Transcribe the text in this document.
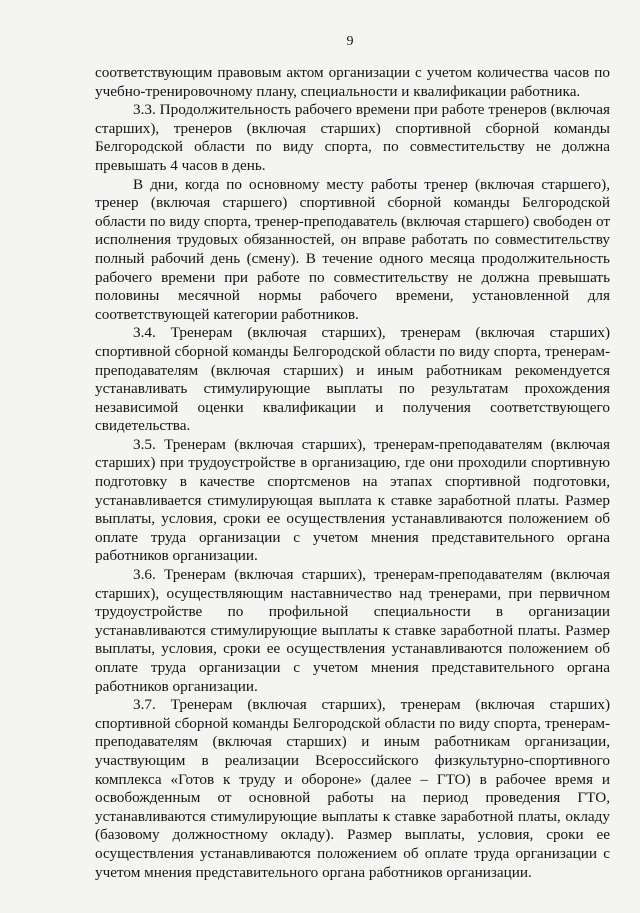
9

соответствующим правовым актом организации с учетом количества часов по учебно-тренировочному плану, специальности и квалификации работника.

3.3. Продолжительность рабочего времени при работе тренеров (включая старших), тренеров (включая старших) спортивной сборной команды Белгородской области по виду спорта, по совместительству не должна превышать 4 часов в день.

В дни, когда по основному месту работы тренер (включая старшего), тренер (включая старшего) спортивной сборной команды Белгородской области по виду спорта, тренер-преподаватель (включая старшего) свободен от исполнения трудовых обязанностей, он вправе работать по совместительству полный рабочий день (смену). В течение одного месяца продолжительность рабочего времени при работе по совместительству не должна превышать половины месячной нормы рабочего времени, установленной для соответствующей категории работников.

3.4. Тренерам (включая старших), тренерам (включая старших) спортивной сборной команды Белгородской области по виду спорта, тренерам-преподавателям (включая старших) и иным работникам рекомендуется устанавливать стимулирующие выплаты по результатам прохождения независимой оценки квалификации и получения соответствующего свидетельства.

3.5. Тренерам (включая старших), тренерам-преподавателям (включая старших) при трудоустройстве в организацию, где они проходили спортивную подготовку в качестве спортсменов на этапах спортивной подготовки, устанавливается стимулирующая выплата к ставке заработной платы. Размер выплаты, условия, сроки ее осуществления устанавливаются положением об оплате труда организации с учетом мнения представительного органа работников организации.

3.6. Тренерам (включая старших), тренерам-преподавателям (включая старших), осуществляющим наставничество над тренерами, при первичном трудоустройстве по профильной специальности в организации устанавливаются стимулирующие выплаты к ставке заработной платы. Размер выплаты, условия, сроки ее осуществления устанавливаются положением об оплате труда организации с учетом мнения представительного органа работников организации.

3.7. Тренерам (включая старших), тренерам (включая старших) спортивной сборной команды Белгородской области по виду спорта, тренерам-преподавателям (включая старших) и иным работникам организации, участвующим в реализации Всероссийского физкультурно-спортивного комплекса «Готов к труду и обороне» (далее – ГТО) в рабочее время и освобожденным от основной работы на период проведения ГТО, устанавливаются стимулирующие выплаты к ставке заработной платы, окладу (базовому должностному окладу). Размер выплаты, условия, сроки ее осуществления устанавливаются положением об оплате труда организации с учетом мнения представительного органа работников организации.
